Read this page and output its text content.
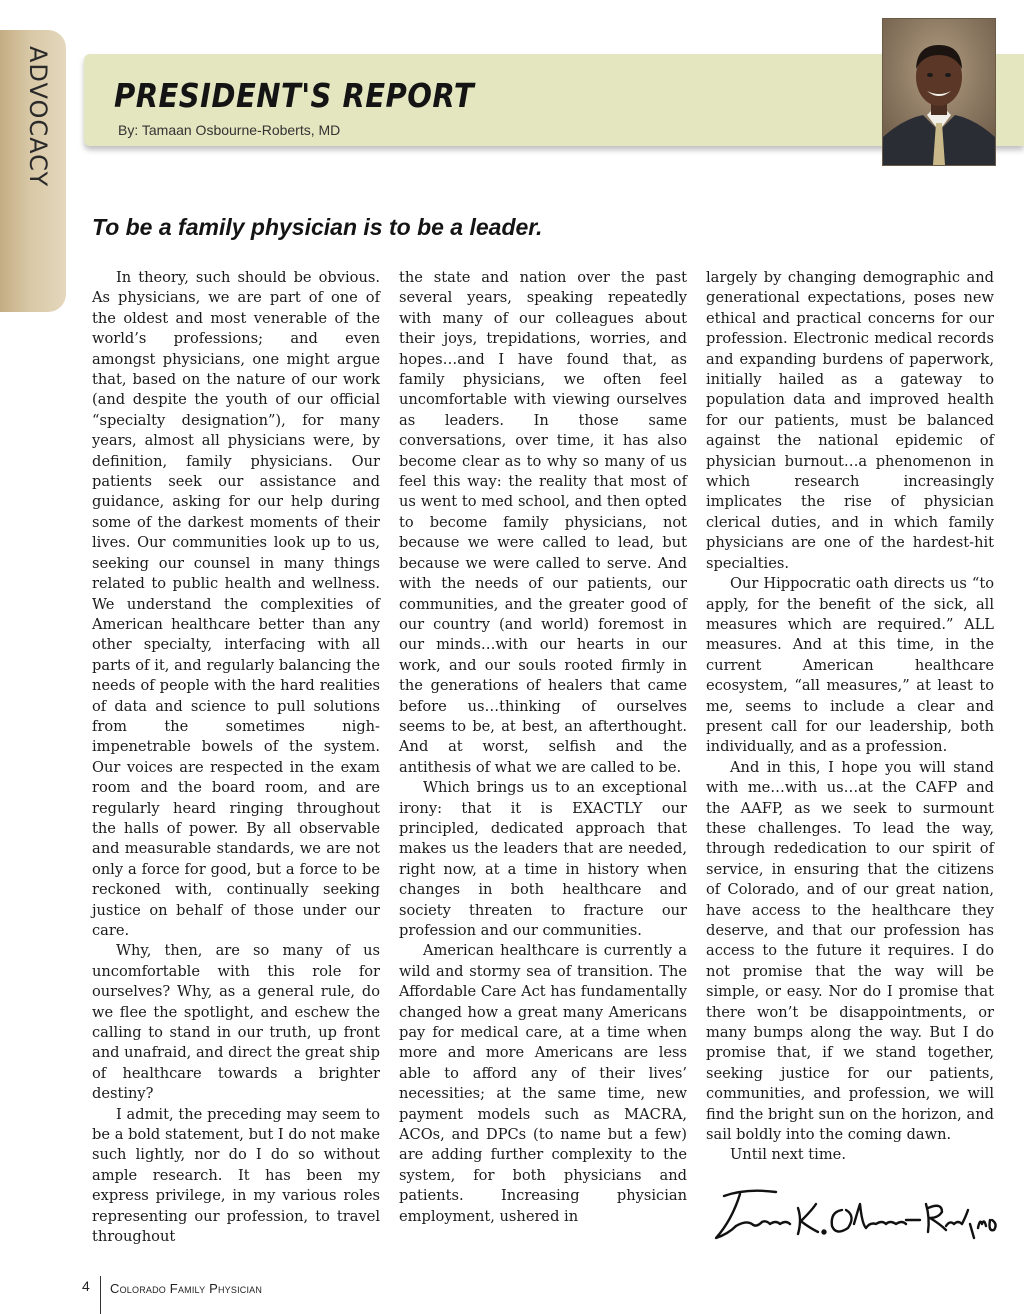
ADVOCACY PRESIDENT'S REPORT
By: Tamaan Osbourne-Roberts, MD
To be a family physician is to be a leader.

In theory, such should be obvious. As physicians, we are part of one of the oldest and most venerable of the world’s professions; and even amongst physicians, one might argue that, based on the nature of our work (and despite the youth of our official “specialty designation”), for many years, almost all physicians were, by definition, family physicians. Our patients seek our assistance and guidance, asking for our help during some of the darkest moments of their lives. Our communities look up to us, seeking our counsel in many things related to public health and wellness. We understand the complexities of American healthcare better than any other specialty, interfacing with all parts of it, and regularly balancing the needs of people with the hard realities of data and science to pull solutions from the sometimes nigh-impenetrable bowels of the system. Our voices are respected in the exam room and the board room, and are regularly heard ringing throughout the halls of power. By all observable and measurable standards, we are not only a force for good, but a force to be reckoned with, continually seeking justice on behalf of those under our care.

Why, then, are so many of us uncomfortable with this role for ourselves? Why, as a general rule, do we flee the spotlight, and eschew the calling to stand in our truth, up front and unafraid, and direct the great ship of healthcare towards a brighter destiny?

I admit, the preceding may seem to be a bold statement, but I do not make such lightly, nor do I do so without ample research. It has been my express privilege, in my various roles representing our profession, to travel throughout

the state and nation over the past several years, speaking repeatedly with many of our colleagues about their joys, trepidations, worries, and hopes…and I have found that, as family physicians, we often feel uncomfortable with viewing ourselves as leaders. In those same conversations, over time, it has also become clear as to why so many of us feel this way: the reality that most of us went to med school, and then opted to become family physicians, not because we were called to lead, but because we were called to serve. And with the needs of our patients, our communities, and the greater good of our country (and world) foremost in our minds…with our hearts in our work, and our souls rooted firmly in the generations of healers that came before us…thinking of ourselves seems to be, at best, an afterthought. And at worst, selfish and the antithesis of what we are called to be.

Which brings us to an exceptional irony: that it is EXACTLY our principled, dedicated approach that makes us the leaders that are needed, right now, at a time in history when changes in both healthcare and society threaten to fracture our profession and our communities.

American healthcare is currently a wild and stormy sea of transition. The Affordable Care Act has fundamentally changed how a great many Americans pay for medical care, at a time when more and more Americans are less able to afford any of their lives’ necessities; at the same time, new payment models such as MACRA, ACOs, and DPCs (to name but a few) are adding further complexity to the system, for both physicians and patients. Increasing physician employment, ushered in

largely by changing demographic and generational expectations, poses new ethical and practical concerns for our profession. Electronic medical records and expanding burdens of paperwork, initially hailed as a gateway to population data and improved health for our patients, must be balanced against the national epidemic of physician burnout…a phenomenon in which research increasingly implicates the rise of physician clerical duties, and in which family physicians are one of the hardest-hit specialties.

Our Hippocratic oath directs us “to apply, for the benefit of the sick, all measures which are required.” ALL measures. And at this time, in the current American healthcare ecosystem, “all measures,” at least to me, seems to include a clear and present call for our leadership, both individually, and as a profession.

And in this, I hope you will stand with me…with us…at the CAFP and the AAFP, as we seek to surmount these challenges. To lead the way, through rededication to our spirit of service, in ensuring that the citizens of Colorado, and of our great nation, have access to the healthcare they deserve, and that our profession has access to the future it requires. I do not promise that the way will be simple, or easy. Nor do I promise that there won’t be disappointments, or many bumps along the way. But I do promise that, if we stand together, seeking justice for our patients, communities, and profession, we will find the bright sun on the horizon, and sail boldly into the coming dawn.

Until next time.

Tamaan K. Osbourne-Roberts, M.D.
4 Colorado Family Physician
